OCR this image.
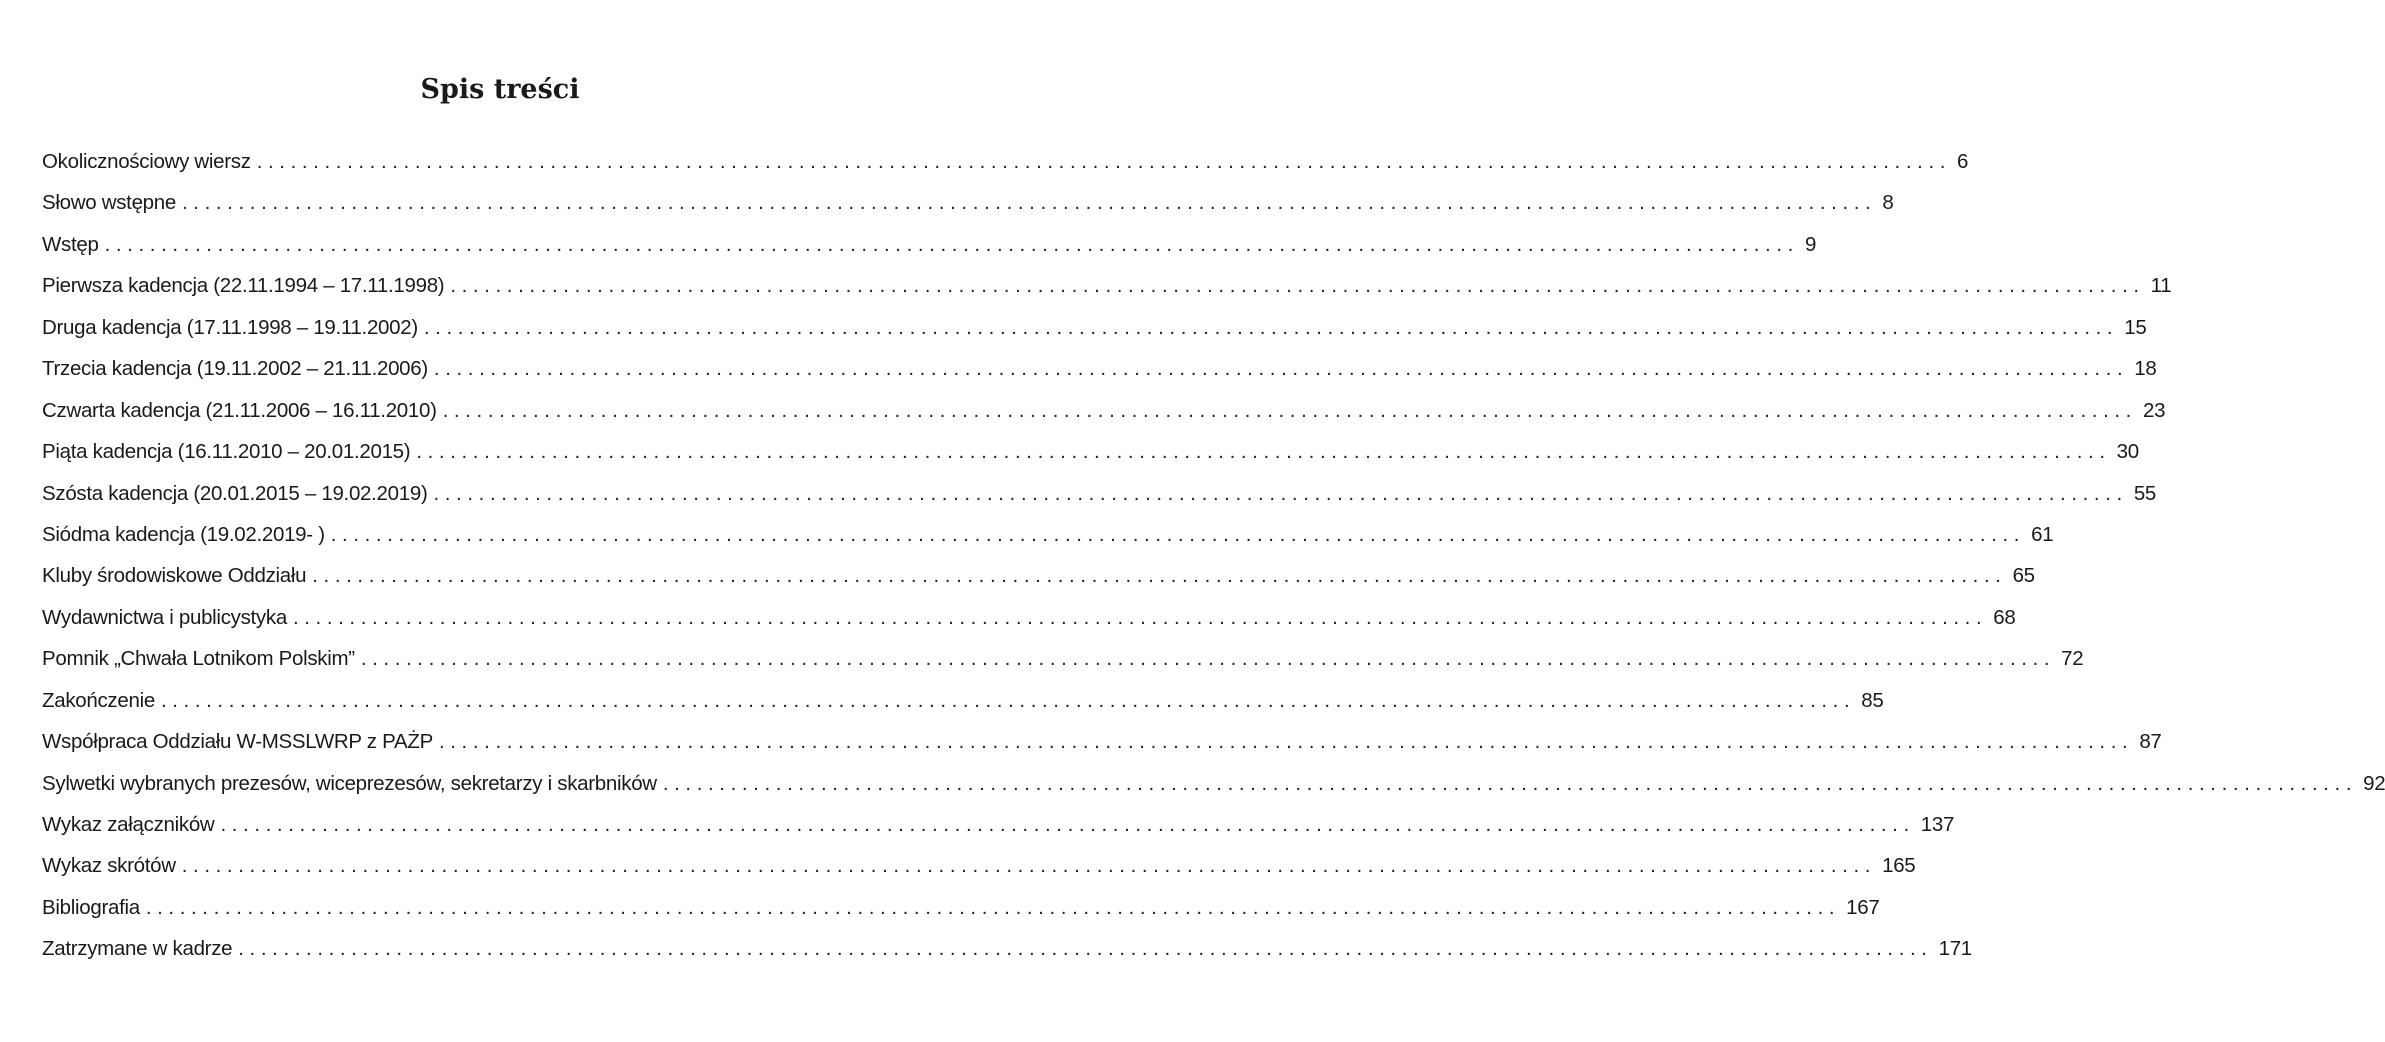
Spis treści
Okolicznościowy wiersz ...................................................................................................................................................... 6
Słowo wstępne ...................................................................................................................................................... 8
Wstęp ...................................................................................................................................................... 9
Pierwsza kadencja (22.11.1994 – 17.11.1998) ...................................................................................................................................................... 11
Druga kadencja (17.11.1998 – 19.11.2002) ...................................................................................................................................................... 15
Trzecia kadencja (19.11.2002 – 21.11.2006) ...................................................................................................................................................... 18
Czwarta kadencja (21.11.2006 – 16.11.2010) ...................................................................................................................................................... 23
Piąta kadencja (16.11.2010 – 20.01.2015) ...................................................................................................................................................... 30
Szósta kadencja (20.01.2015 – 19.02.2019) ...................................................................................................................................................... 55
Siódma kadencja (19.02.2019- ) ...................................................................................................................................................... 61
Kluby środowiskowe Oddziału ...................................................................................................................................................... 65
Wydawnictwa i publicystyka ...................................................................................................................................................... 68
Pomnik „Chwała Lotnikom Polskim” ...................................................................................................................................................... 72
Zakończenie ...................................................................................................................................................... 85
Współpraca Oddziału W-MSSLWRP z PAŻP ...................................................................................................................................................... 87
Sylwetki wybranych prezesów, wiceprezesów, sekretarzy i skarbników ...................................................................................................................................................... 92
Wykaz załączników ...................................................................................................................................................... 137
Wykaz skrótów ...................................................................................................................................................... 165
Bibliografia ...................................................................................................................................................... 167
Zatrzymane w kadrze ...................................................................................................................................................... 171
